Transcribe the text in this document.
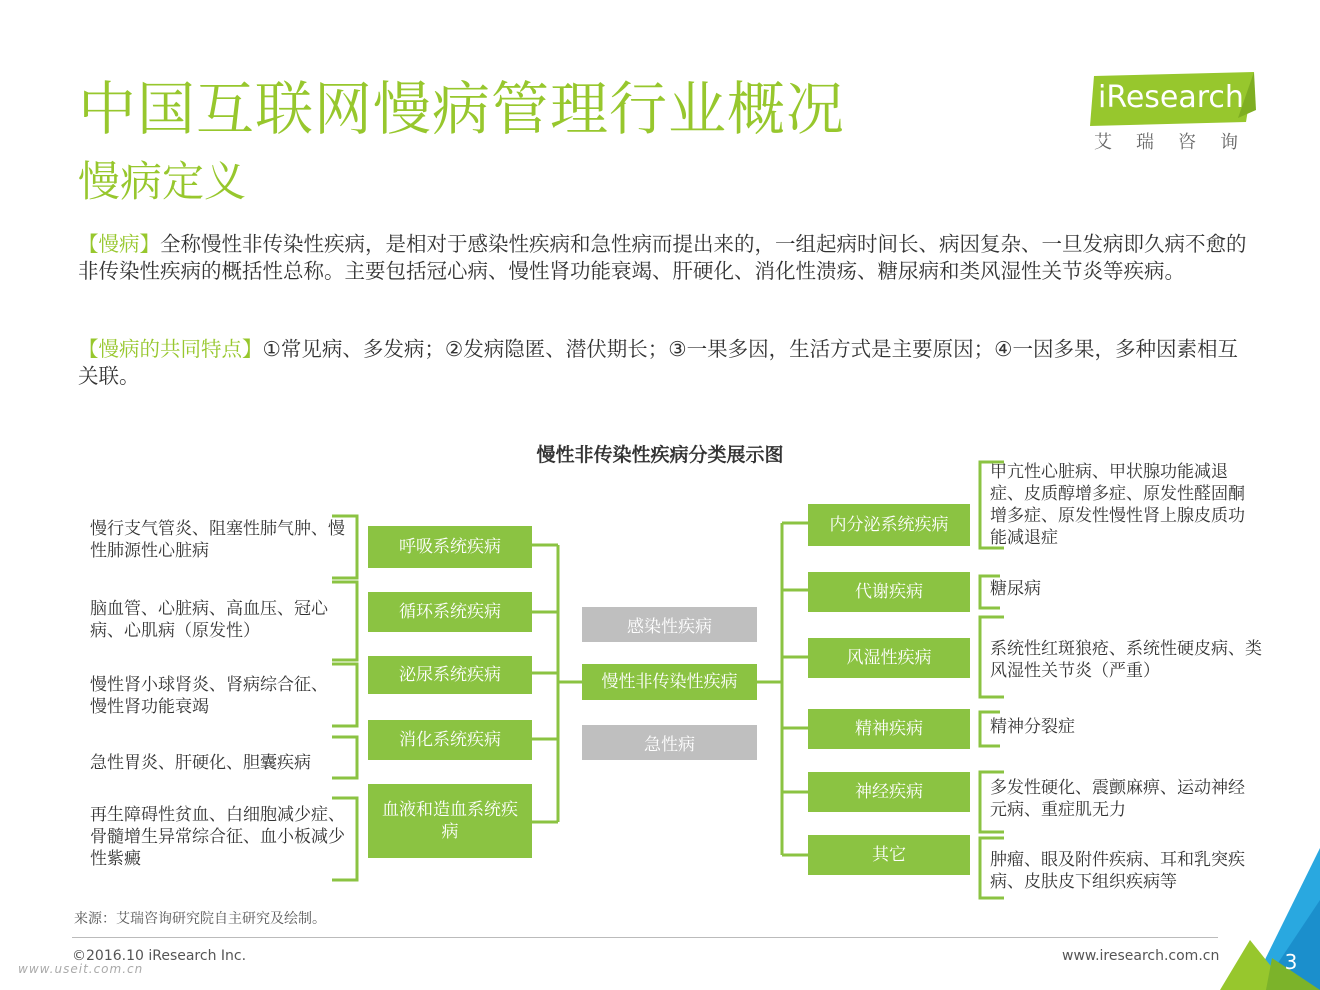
iResearch
艾瑞咨询
中国互联网慢病管理行业概况
慢病定义
【慢病】全称慢性非传染性疾病，是相对于感染性疾病和急性病而提出来的，一组起病时间长、病因复杂、一旦发病即久病不愈的非传染性疾病的概括性总称。主要包括冠心病、慢性肾功能衰竭、肝硬化、消化性溃疡、糖尿病和类风湿性关节炎等疾病。
【慢病的共同特点】①常见病、多发病；②发病隐匿、潜伏期长；③一果多因，生活方式是主要原因；④一因多果，多种因素相互关联。
慢性非传染性疾病分类展示图
慢行支气管炎、阻塞性肺气肿、慢性肺源性心脏病
脑血管、心脏病、高血压、冠心病、心肌病（原发性）
慢性肾小球肾炎、肾病综合征、慢性肾功能衰竭
急性胃炎、肝硬化、胆囊疾病
再生障碍性贫血、白细胞减少症、骨髓增生异常综合征、血小板减少性紫癜
呼吸系统疾病
循环系统疾病
泌尿系统疾病
消化系统疾病
血液和造血系统疾病
感染性疾病
慢性非传染性疾病
急性病
内分泌系统疾病
代谢疾病
风湿性疾病
精神疾病
神经疾病
其它
甲亢性心脏病、甲状腺功能减退症、皮质醇增多症、原发性醛固酮增多症、原发性慢性肾上腺皮质功能减退症
糖尿病
系统性红斑狼疮、系统性硬皮病、类风湿性关节炎（严重）
精神分裂症
多发性硬化、震颤麻痹、运动神经元病、重症肌无力
肿瘤、眼及附件疾病、耳和乳突疾病、皮肤皮下组织疾病等
来源：艾瑞咨询研究院自主研究及绘制。
©2016.10 iResearch Inc.	www.iresearch.com.cn
www.useit.com.cn	3
